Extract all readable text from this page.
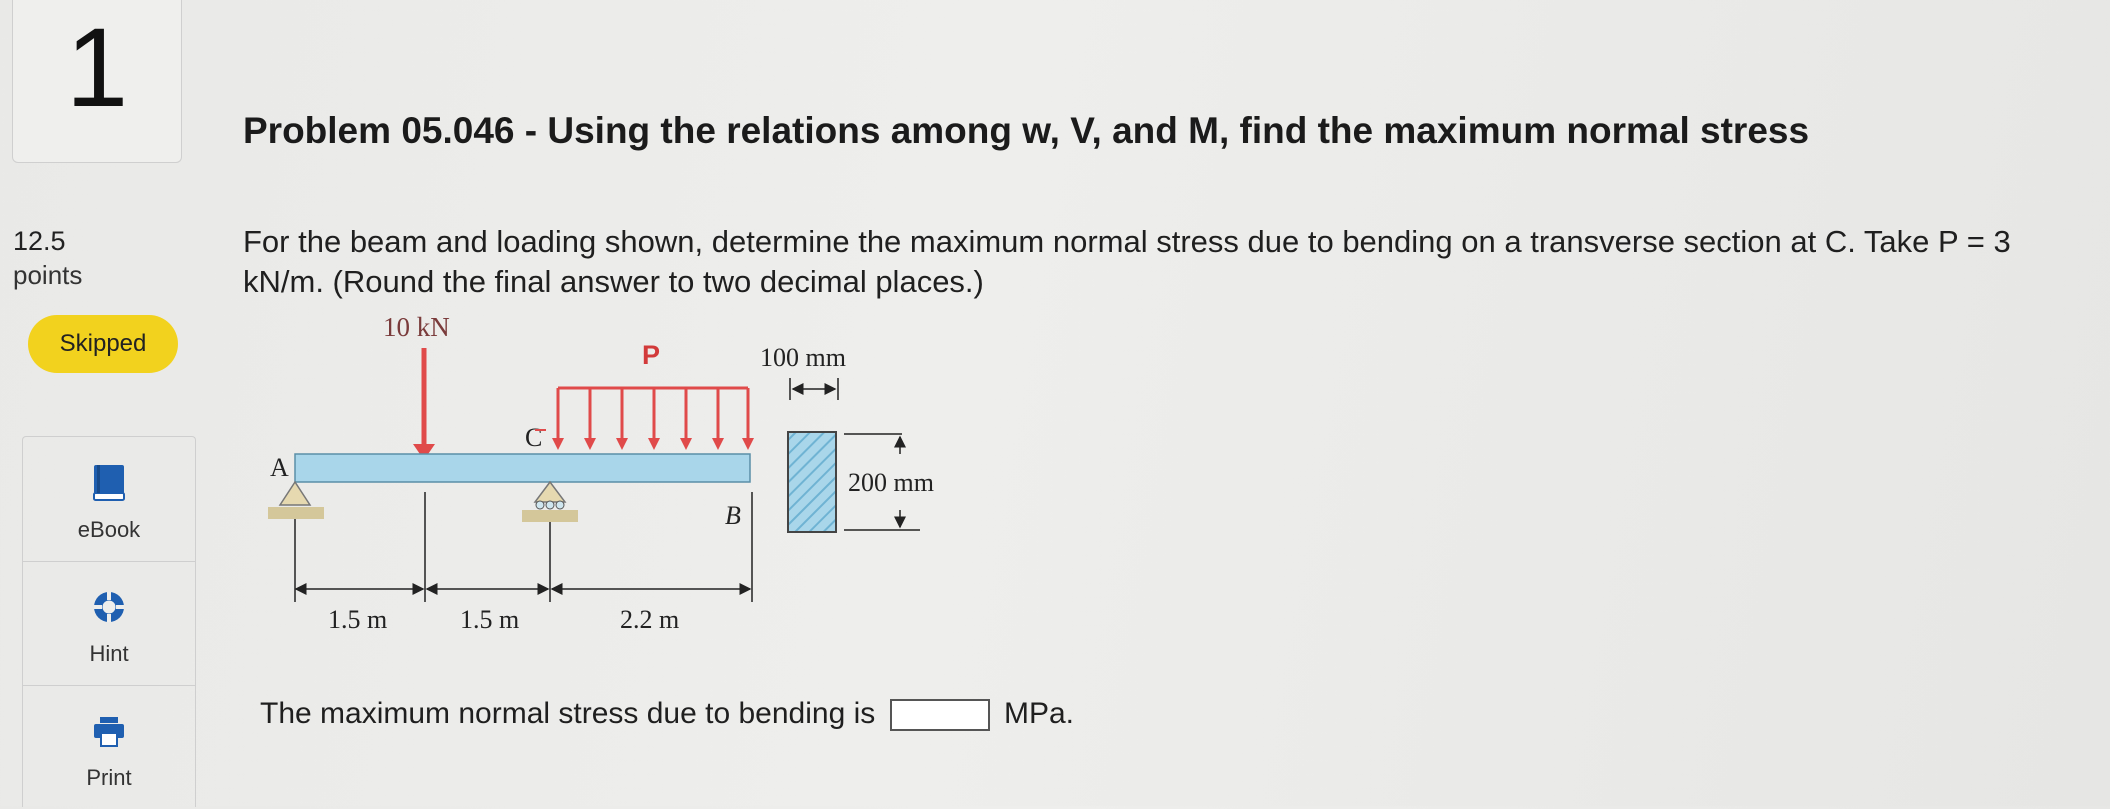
1
12.5
points
Skipped
eBook
Hint
Print
Problem 05.046 - Using the relations among w, V, and M, find the maximum normal stress
For the beam and loading shown, determine the maximum normal stress due to bending on a transverse section at C. Take P = 3
kN/m. (Round the final answer to two decimal places.)
10 kN
P
A
C
B
1.5 m	1.5 m	2.2 m
100 mm
200 mm
The maximum normal stress due to bending is	MPa.
